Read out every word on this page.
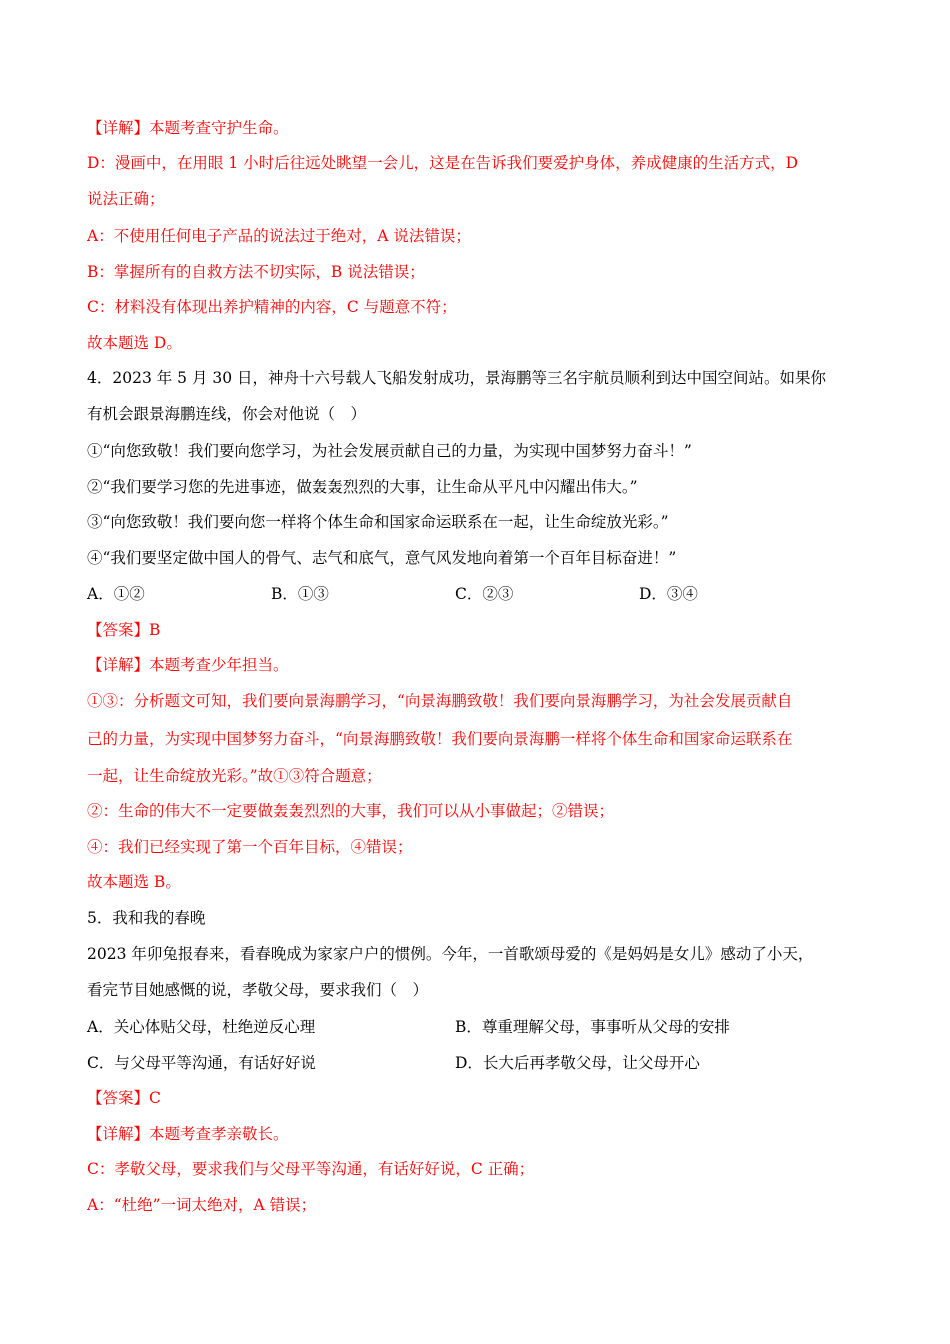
【详解】本题考查守护生命。
D：漫画中，在用眼 1 小时后往远处眺望一会儿，这是在告诉我们要爱护身体，养成健康的生活方式，D
说法正确；
A：不使用任何电子产品的说法过于绝对，A 说法错误；
B：掌握所有的自救方法不切实际，B 说法错误；
C：材料没有体现出养护精神的内容，C 与题意不符；
故本题选 D。
4．2023 年 5 月 30 日，神舟十六号载人飞船发射成功，景海鹏等三名宇航员顺利到达中国空间站。如果你
有机会跟景海鹏连线，你会对他说（　）
①“向您致敬！我们要向您学习，为社会发展贡献自己的力量，为实现中国梦努力奋斗！”
②“我们要学习您的先进事迹，做轰轰烈烈的大事，让生命从平凡中闪耀出伟大。”
③“向您致敬！我们要向您一样将个体生命和国家命运联系在一起，让生命绽放光彩。”
④“我们要坚定做中国人的骨气、志气和底气，意气风发地向着第一个百年目标奋进！”
A．①②	B．①③	C．②③	D．③④
【答案】B
【详解】本题考查少年担当。
①③：分析题文可知，我们要向景海鹏学习，“向景海鹏致敬！我们要向景海鹏学习，为社会发展贡献自
己的力量，为实现中国梦努力奋斗，“向景海鹏致敬！我们要向景海鹏一样将个体生命和国家命运联系在
一起，让生命绽放光彩。”故①③符合题意；
②：生命的伟大不一定要做轰轰烈烈的大事，我们可以从小事做起；②错误；
④：我们已经实现了第一个百年目标，④错误；
故本题选 B。
5．我和我的春晚
2023 年卯兔报春来，看春晚成为家家户户的惯例。今年，一首歌颂母爱的《是妈妈是女儿》感动了小天，
看完节目她感慨的说，孝敬父母，要求我们（　）
A．关心体贴父母，杜绝逆反心理	B．尊重理解父母，事事听从父母的安排
C．与父母平等沟通，有话好好说	D．长大后再孝敬父母，让父母开心
【答案】C
【详解】本题考查孝亲敬长。
C：孝敬父母，要求我们与父母平等沟通，有话好好说，C 正确；
A：“杜绝”一词太绝对，A 错误；
